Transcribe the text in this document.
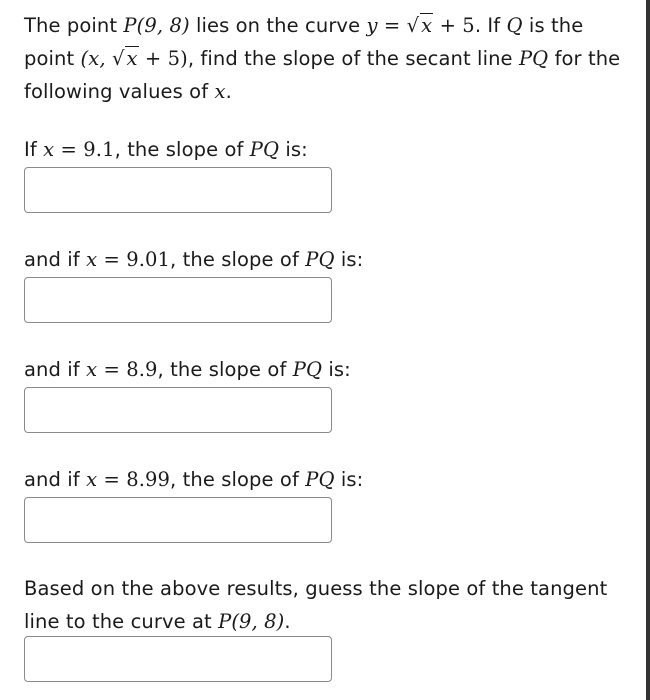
The point P(9, 8) lies on the curve y = √ x + 5. If Q is the point (x, √ x + 5), find the slope of the secant line PQ for the following values of x.

If x = 9.1, the slope of PQ is:

and if x = 9.01, the slope of PQ is:

and if x = 8.9, the slope of PQ is:

and if x = 8.99, the slope of PQ is:

Based on the above results, guess the slope of the tangent line to the curve at P(9, 8).
